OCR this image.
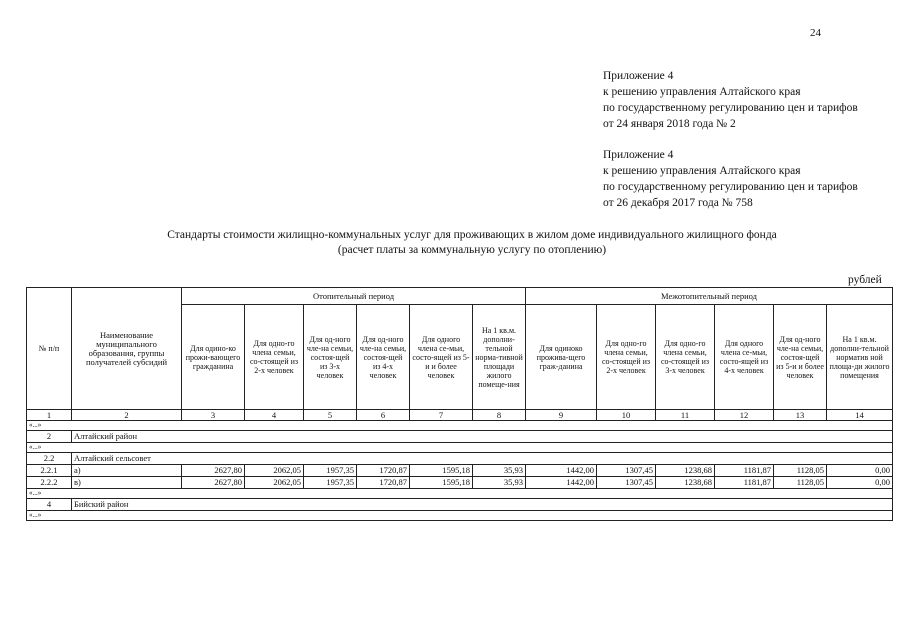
24
Приложение 4
к решению управления Алтайского края
по государственному регулированию цен и тарифов
от 24 января 2018 года № 2
Приложение 4
к решению управления Алтайского края
по государственному регулированию цен и тарифов
от 26 декабря 2017 года № 758
Стандарты стоимости жилищно-коммунальных услуг для проживающих в жилом доме индивидуального жилищного фонда
(расчет платы за коммунальную услугу по отоплению)
рублей
№ п/п	Наименование муниципального образования, группы получателей субсидий	Отопительный период						Межотопительный период					
		Для одино-ко прожи-вающего гражданина	Для одно-го члена семьи, со-стоящей из 2-х человек	Для од-ного чле-на семьи, состоя-щей из 3-х человек	Для од-ного чле-на семьи, состоя-щей из 4-х человек	Для одного члена се-мьи, состо-ящей из 5-и и более человек	На 1 кв.м. дополни-тельной норма-тивной площади жилого помеще-ния	Для одиноко прожива-щего граж-данина	Для одно-го члена семьи, со-стоящей из 2-х человек	Для одно-го члена семьи, со-стоящей из 3-х человек	Для одного члена се-мьи, состо-ящей из 4-х человек	Для од-ного чле-на семьи, состоя-щей из 5-и и более человек	На 1 кв.м. дополни-тельной норматив ной площа-ди жилого помещения
1	2	3	4	5	6	7	8	9	10	11	12	13	14
«...»													
2	Алтайский район												
«...»													
2.2	Алтайский сельсовет												
2.2.1	а)	2627,80	2062,05	1957,35	1720,87	1595,18	35,93	1442,00	1307,45	1238,68	1181,87	1128,05	0,00
2.2.2	в)	2627,80	2062,05	1957,35	1720,87	1595,18	35,93	1442,00	1307,45	1238,68	1181,87	1128,05	0,00
«...»													
4	Бийский район												
«...»													
